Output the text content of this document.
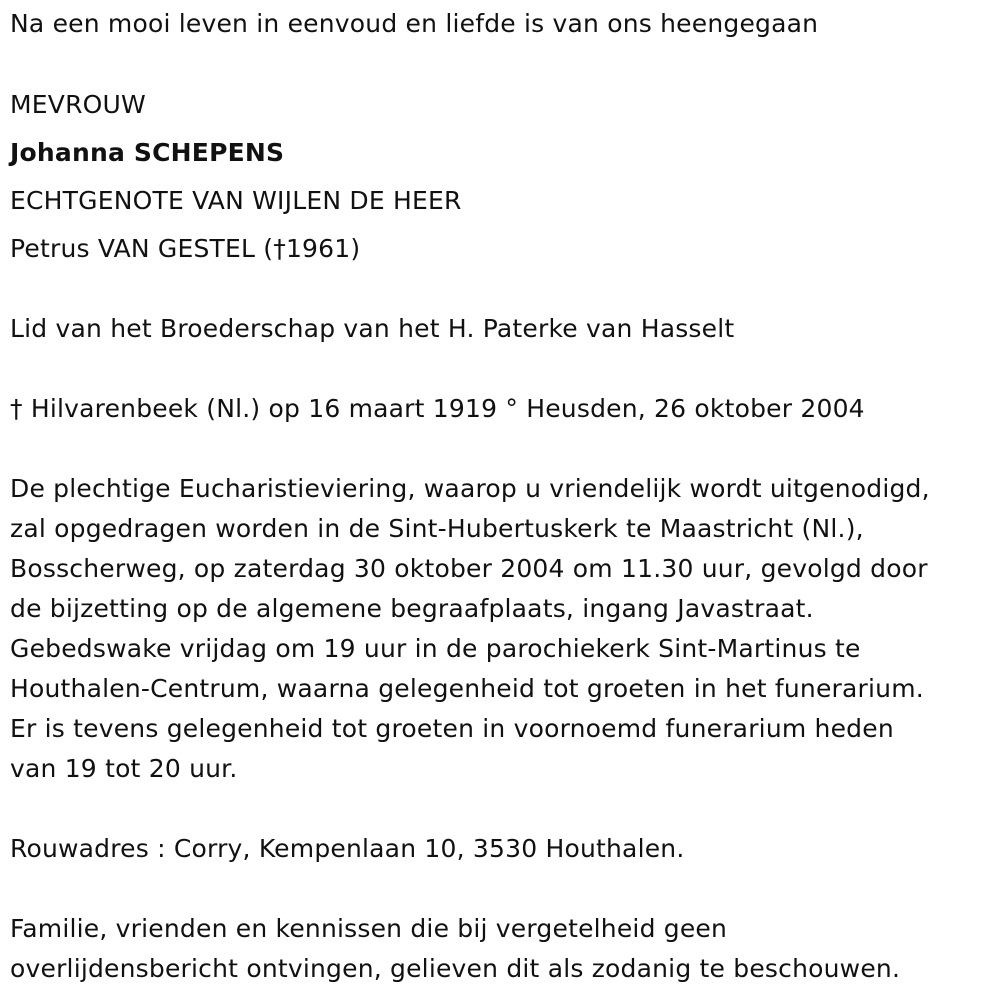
Na een mooi leven in eenvoud en liefde is van ons heengegaan

MEVROUW

Johanna SCHEPENS

ECHTGENOTE VAN WIJLEN DE HEER

Petrus VAN GESTEL (†1961)

Lid van het Broederschap van het H. Paterke van Hasselt

† Hilvarenbeek (Nl.) op 16 maart 1919 ° Heusden, 26 oktober 2004

De plechtige Eucharistieviering, waarop u vriendelijk wordt uitgenodigd,

zal opgedragen worden in de Sint-Hubertuskerk te Maastricht (Nl.),

Bosscherweg, op zaterdag 30 oktober 2004 om 11.30 uur, gevolgd door

de bijzetting op de algemene begraafplaats, ingang Javastraat.

Gebedswake vrijdag om 19 uur in de parochiekerk Sint-Martinus te

Houthalen-Centrum, waarna gelegenheid tot groeten in het funerarium.

Er is tevens gelegenheid tot groeten in voornoemd funerarium heden

van 19 tot 20 uur.

Rouwadres : Corry, Kempenlaan 10, 3530 Houthalen.

Familie, vrienden en kennissen die bij vergetelheid geen

overlijdensbericht ontvingen, gelieven dit als zodanig te beschouwen.
